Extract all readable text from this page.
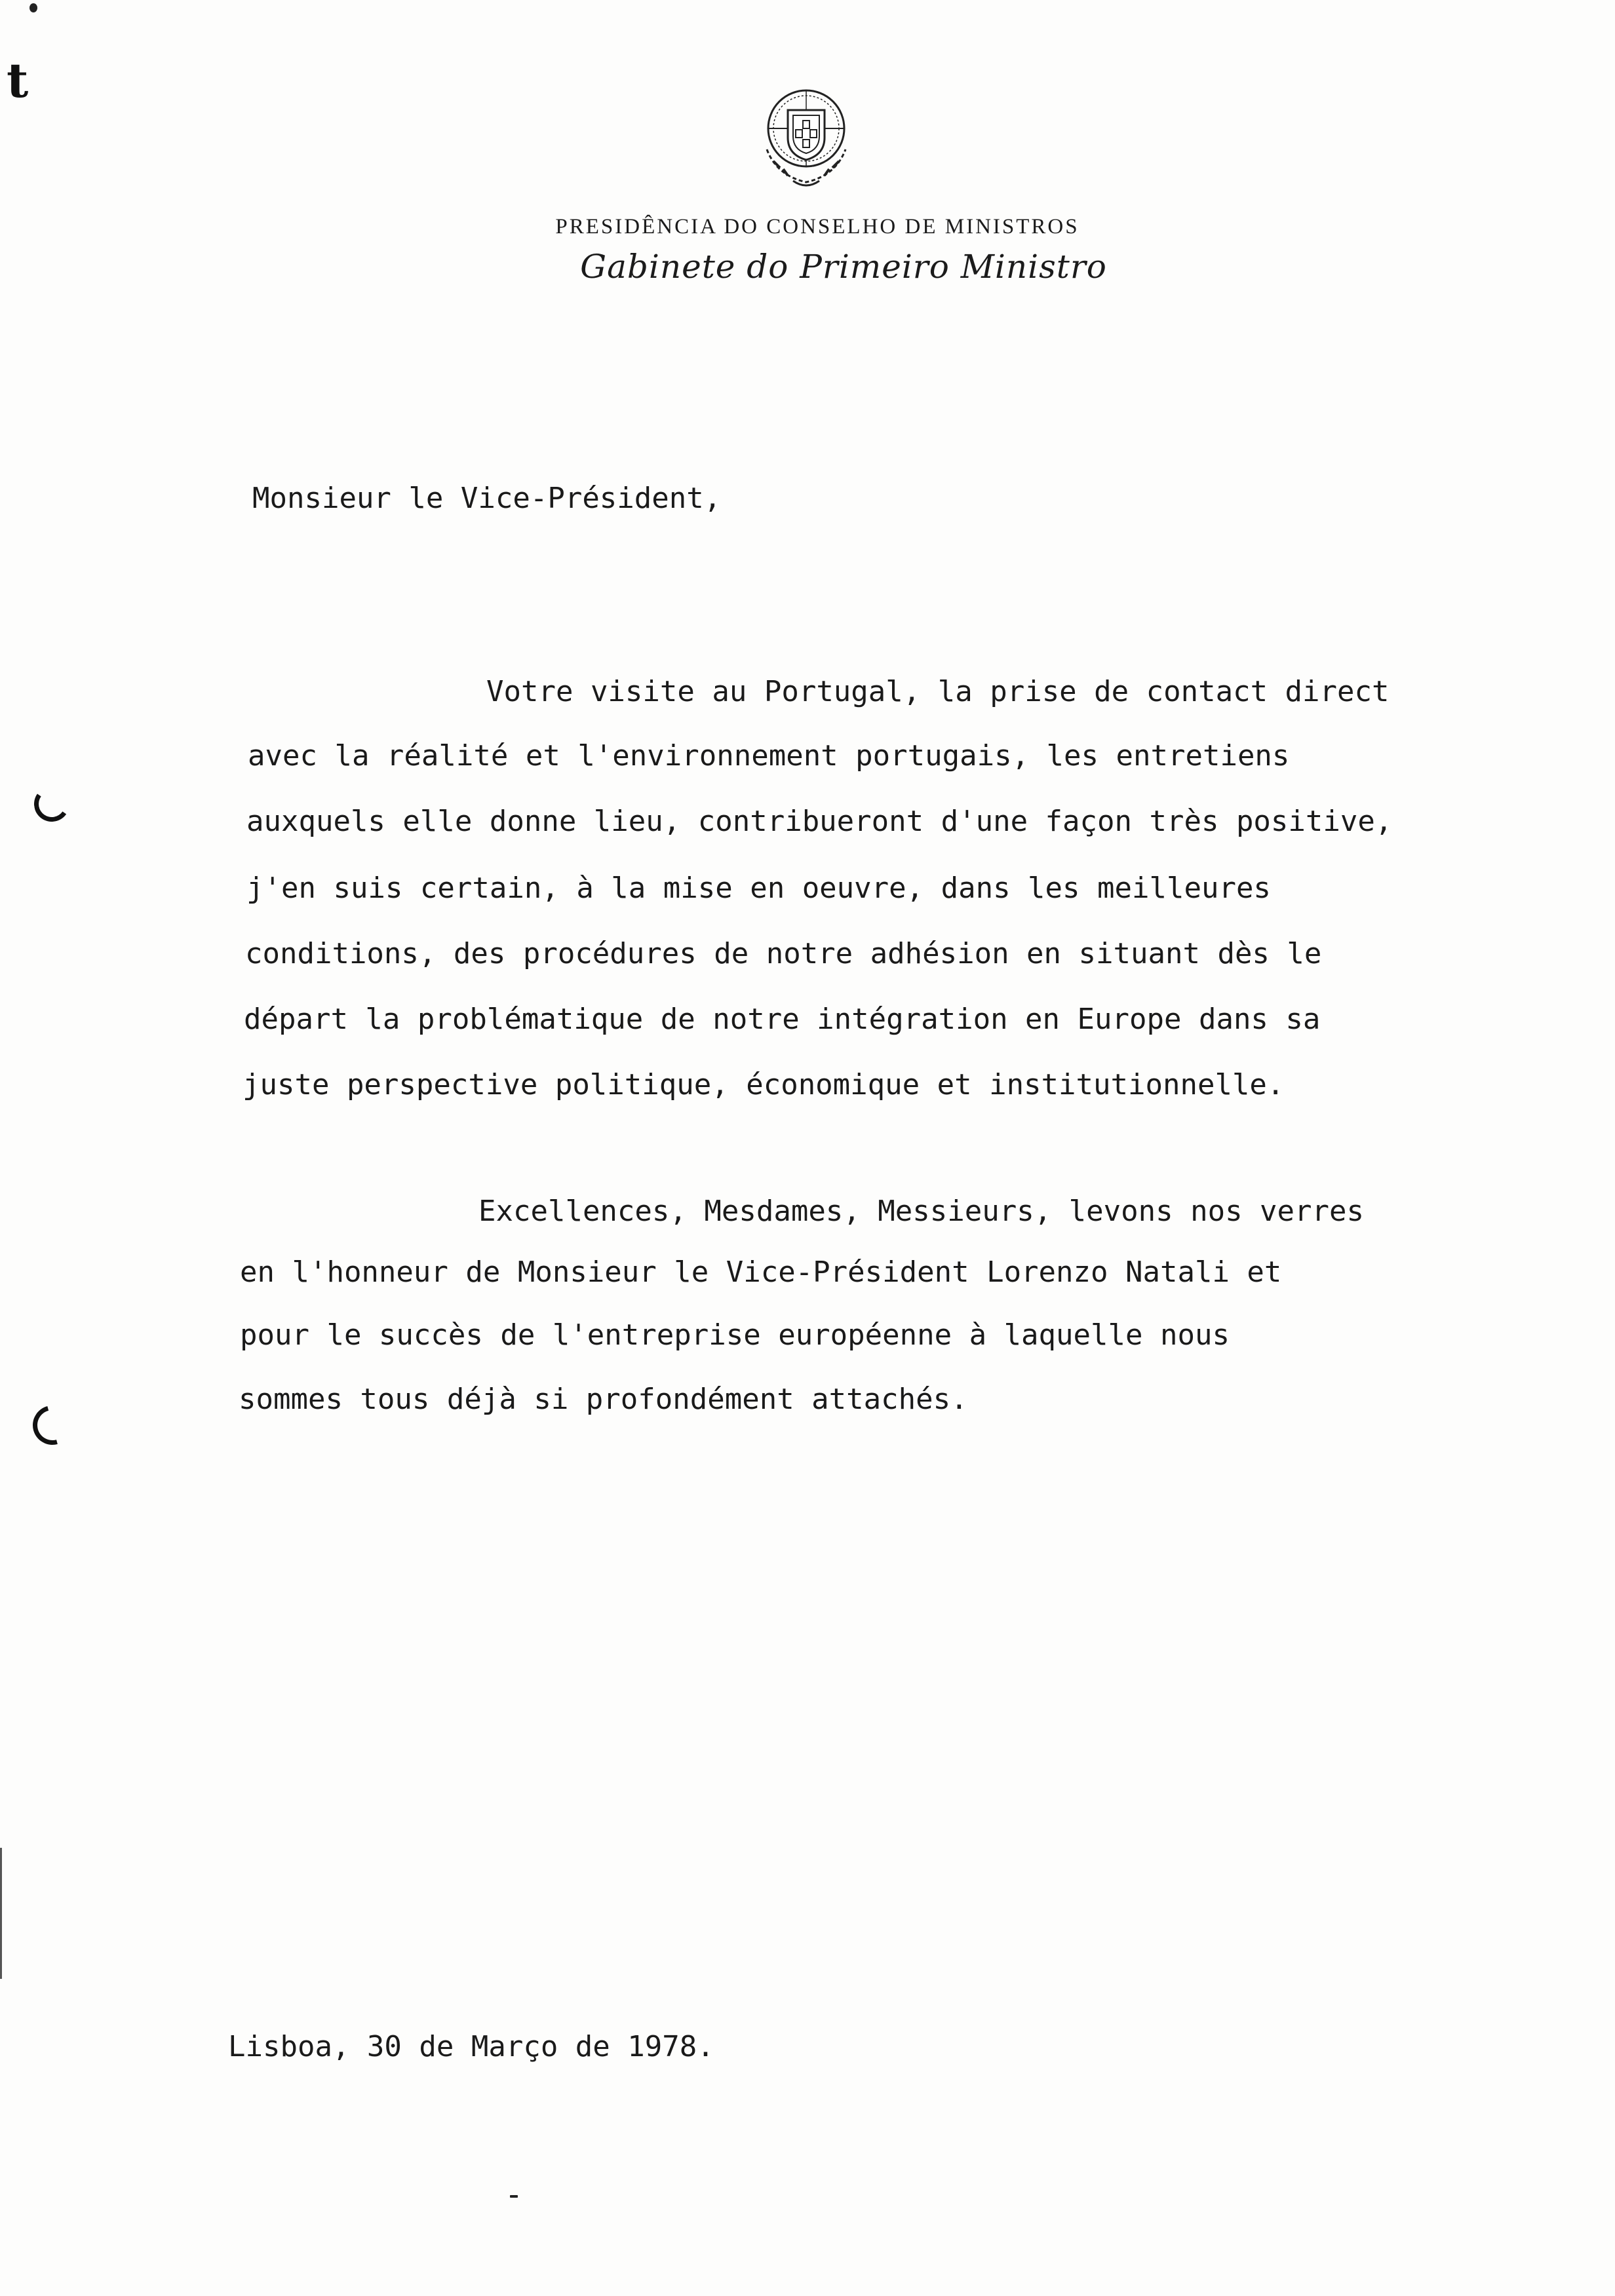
t
PRESIDÊNCIA DO CONSELHO DE MINISTROS
Gabinete do Primeiro Ministro
Monsieur le Vice-Président,
Votre visite au Portugal, la prise de contact direct
avec la réalité et l'environnement portugais, les entretiens
auxquels elle donne lieu, contribueront d'une façon très positive,
j'en suis certain, à la mise en oeuvre, dans les meilleures
conditions, des procédures de notre adhésion en situant dès le
départ la problématique de notre intégration en Europe dans sa
juste perspective politique, économique et institutionnelle.
Excellences, Mesdames, Messieurs, levons nos verres
en l'honneur de Monsieur le Vice-Président Lorenzo Natali et
pour le succès de l'entreprise européenne à laquelle nous
sommes tous déjà si profondément attachés.
Lisboa, 30 de Março de 1978.
